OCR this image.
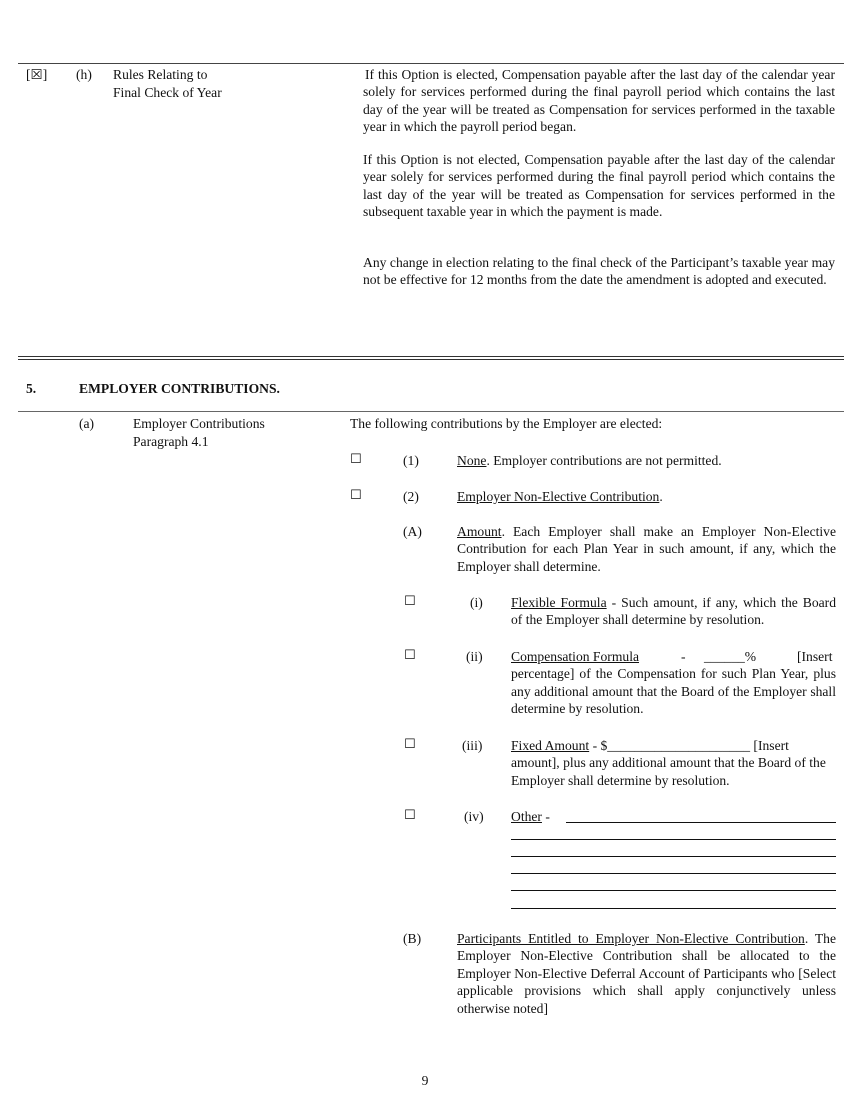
[☒] (h) Rules Relating to
Final Check of Year
If this Option is elected, Compensation payable after the last day of the calendar year solely for services performed during the final payroll period which contains the last day of the year will be treated as Compensation for services performed in the taxable year in which the payroll period began.
If this Option is not elected, Compensation payable after the last day of the calendar year solely for services performed during the final payroll period which contains the last day of the year will be treated as Compensation for services performed in the subsequent taxable year in which the payment is made.
Any change in election relating to the final check of the Participant’s taxable year may not be effective for 12 months from the date the amendment is adopted and executed.
5.	EMPLOYER CONTRIBUTIONS.
(a)	Employer Contributions
Paragraph 4.1
The following contributions by the Employer are elected:
☐	(1)	None. Employer contributions are not permitted.
☐	(2)	Employer Non-Elective Contribution.
(A)	Amount. Each Employer shall make an Employer Non-Elective Contribution for each Plan Year in such amount, if any, which the Employer shall determine.
☐	(i) Flexible Formula - Such amount, if any, which the Board of the Employer shall determine by resolution.
☐	(ii) Compensation Formula	- ______%	[Insert percentage] of the Compensation for such Plan Year, plus any additional amount that the Board of the Employer shall determine by resolution.
☐	(iii) Fixed Amount - $_____________________ [Insert amount], plus any additional amount that the Board of the Employer shall determine by resolution.
☐	(iv) Other -
(B)	Participants Entitled to Employer Non-Elective Contribution. The Employer Non-Elective Contribution shall be allocated to the Employer Non-Elective Deferral Account of Participants who [Select applicable provisions which shall apply conjunctively unless otherwise noted]
9
